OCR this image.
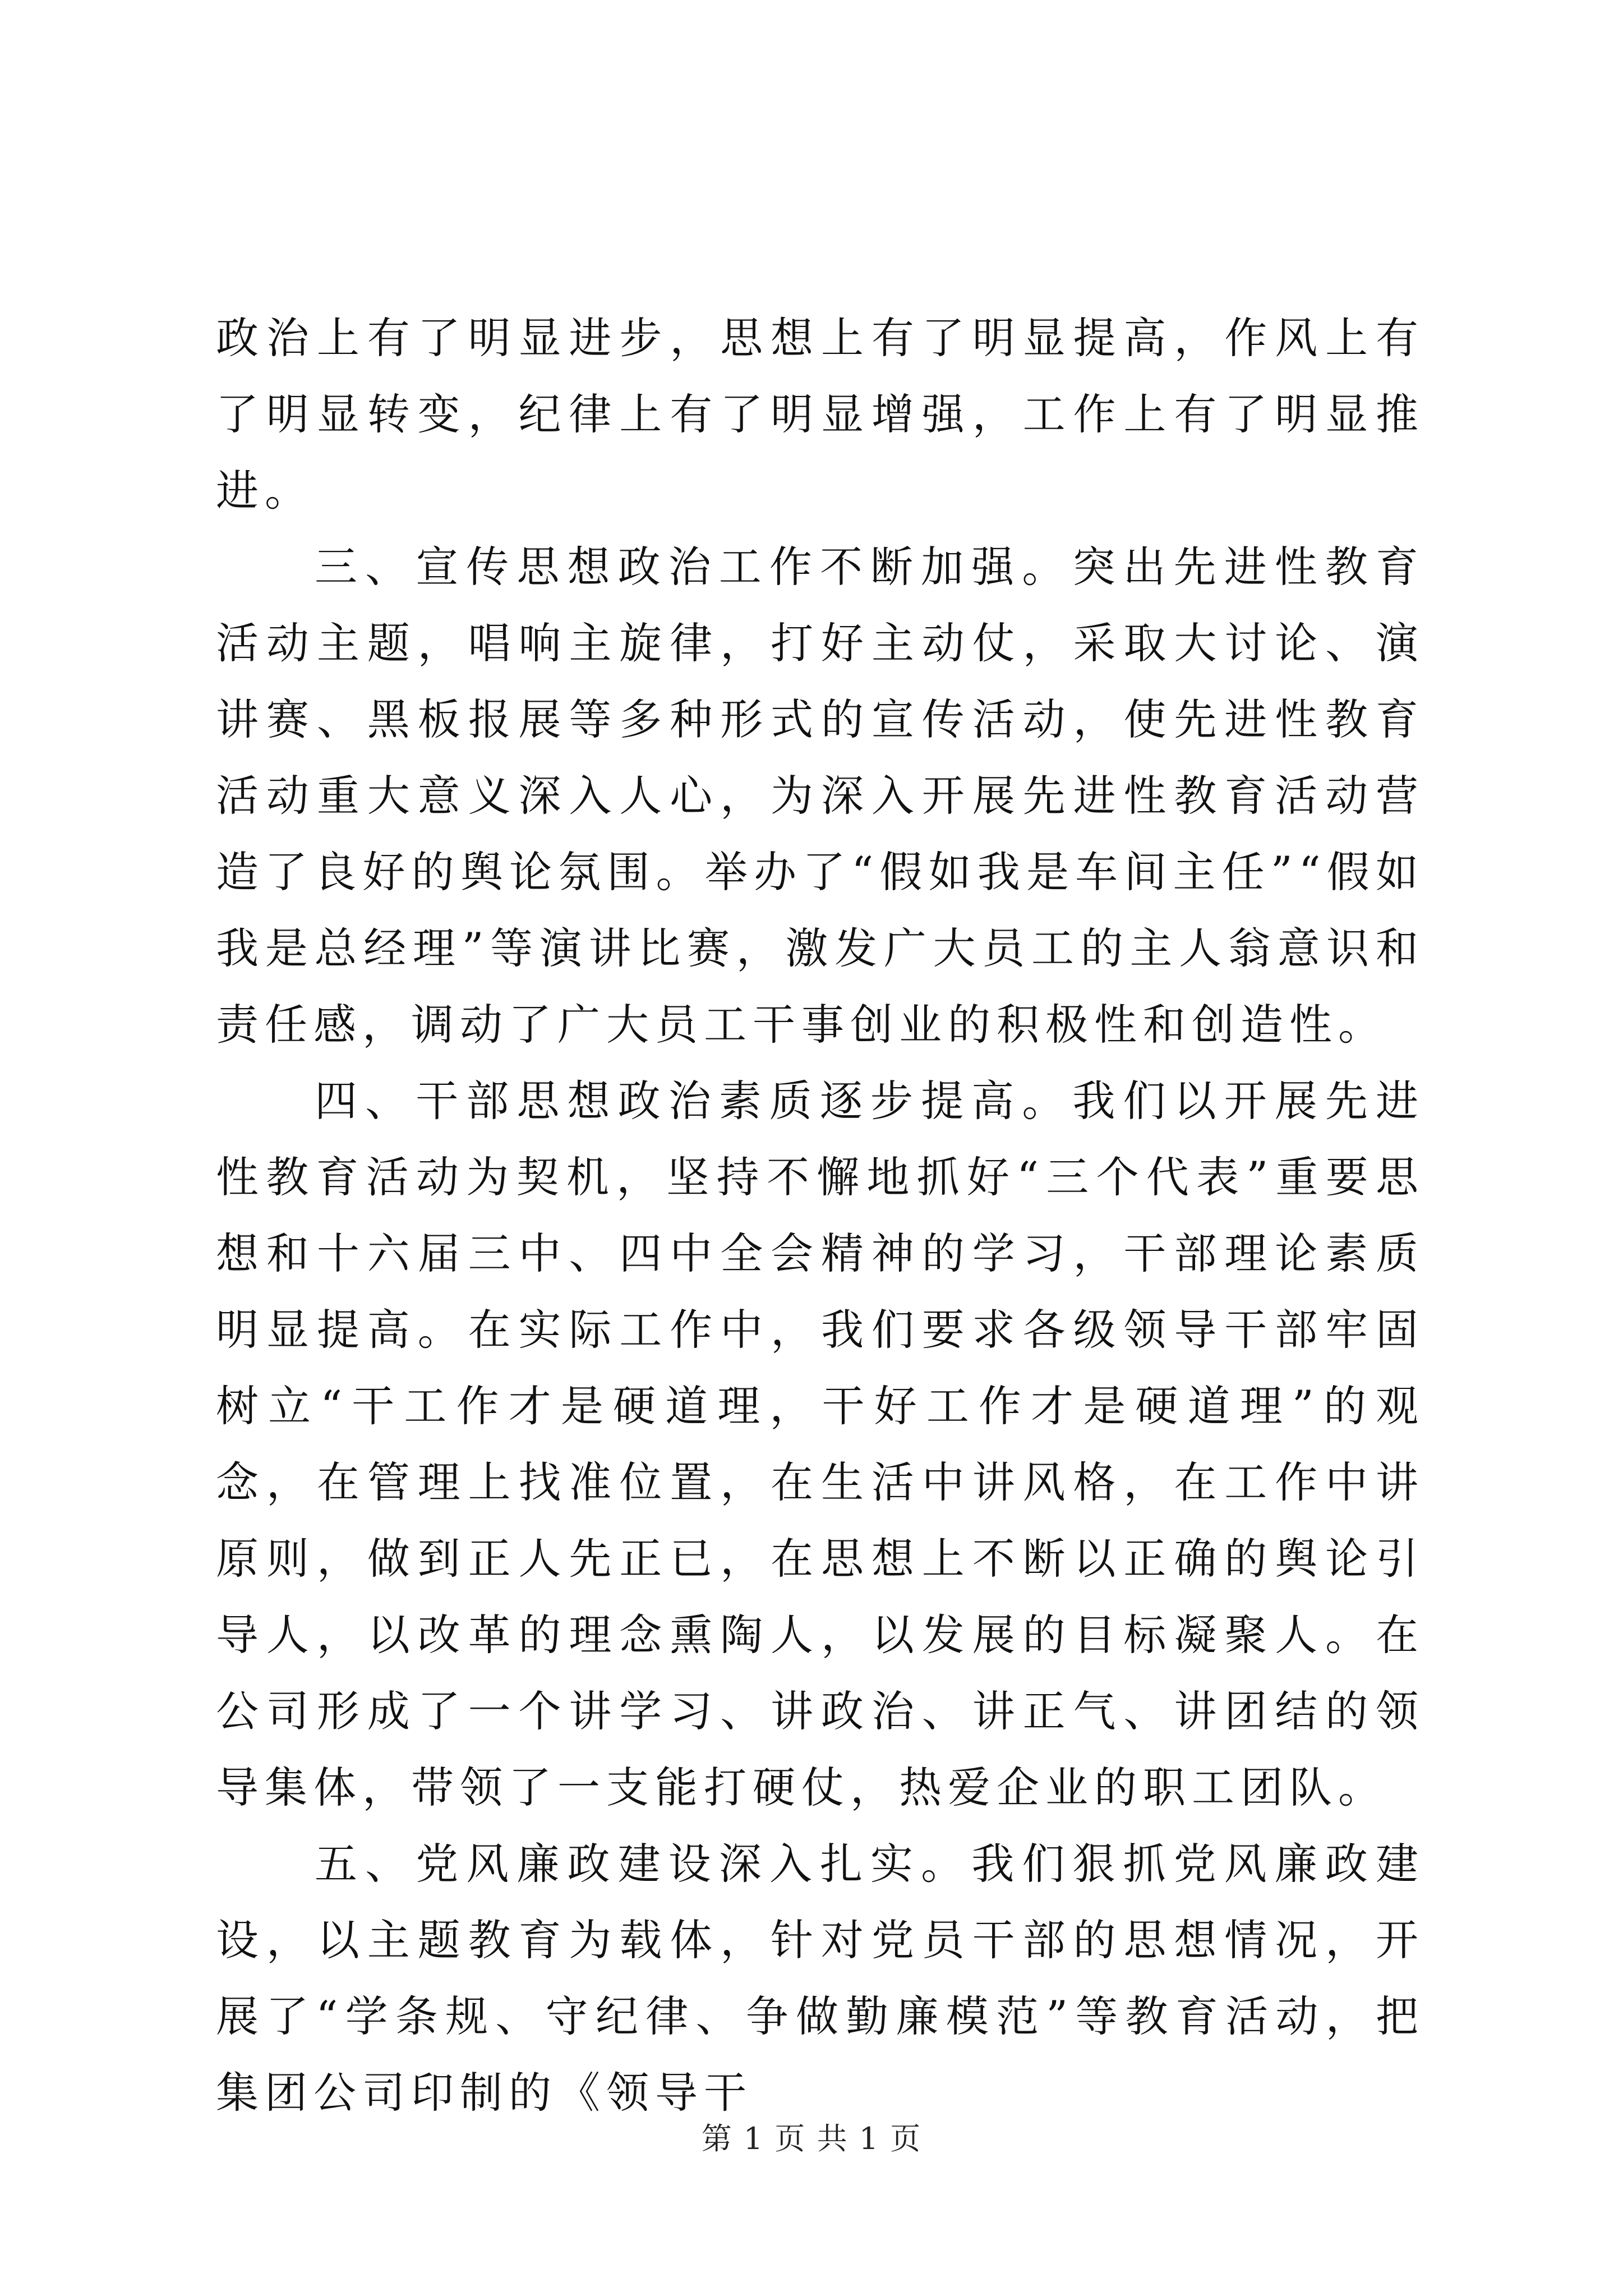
政治上有了明显进步，思想上有了明显提高，作风上有了明显转变，纪律上有了明显增强，工作上有了明显推进。

三、宣传思想政治工作不断加强。突出先进性教育活动主题，唱响主旋律，打好主动仗，采取大讨论、演讲赛、黑板报展等多种形式的宣传活动，使先进性教育活动重大意义深入人心，为深入开展先进性教育活动营造了良好的舆论氛围。举办了“假如我是车间主任”“假如我是总经理”等演讲比赛，激发广大员工的主人翁意识和责任感，调动了广大员工干事创业的积极性和创造性。

四、干部思想政治素质逐步提高。我们以开展先进性教育活动为契机，坚持不懈地抓好“三个代表”重要思想和十六届三中、四中全会精神的学习，干部理论素质明显提高。在实际工作中，我们要求各级领导干部牢固树立“干工作才是硬道理，干好工作才是硬道理”的观念，在管理上找准位置，在生活中讲风格，在工作中讲原则，做到正人先正已，在思想上不断以正确的舆论引导人，以改革的理念熏陶人，以发展的目标凝聚人。在公司形成了一个讲学习、讲政治、讲正气、讲团结的领导集体，带领了一支能打硬仗，热爱企业的职工团队。

五、党风廉政建设深入扎实。我们狠抓党风廉政建设，以主题教育为载体，针对党员干部的思想情况，开展了“学条规、守纪律、争做勤廉模范”等教育活动，把集团公司印制的《领导干

第 1 页 共 1 页
